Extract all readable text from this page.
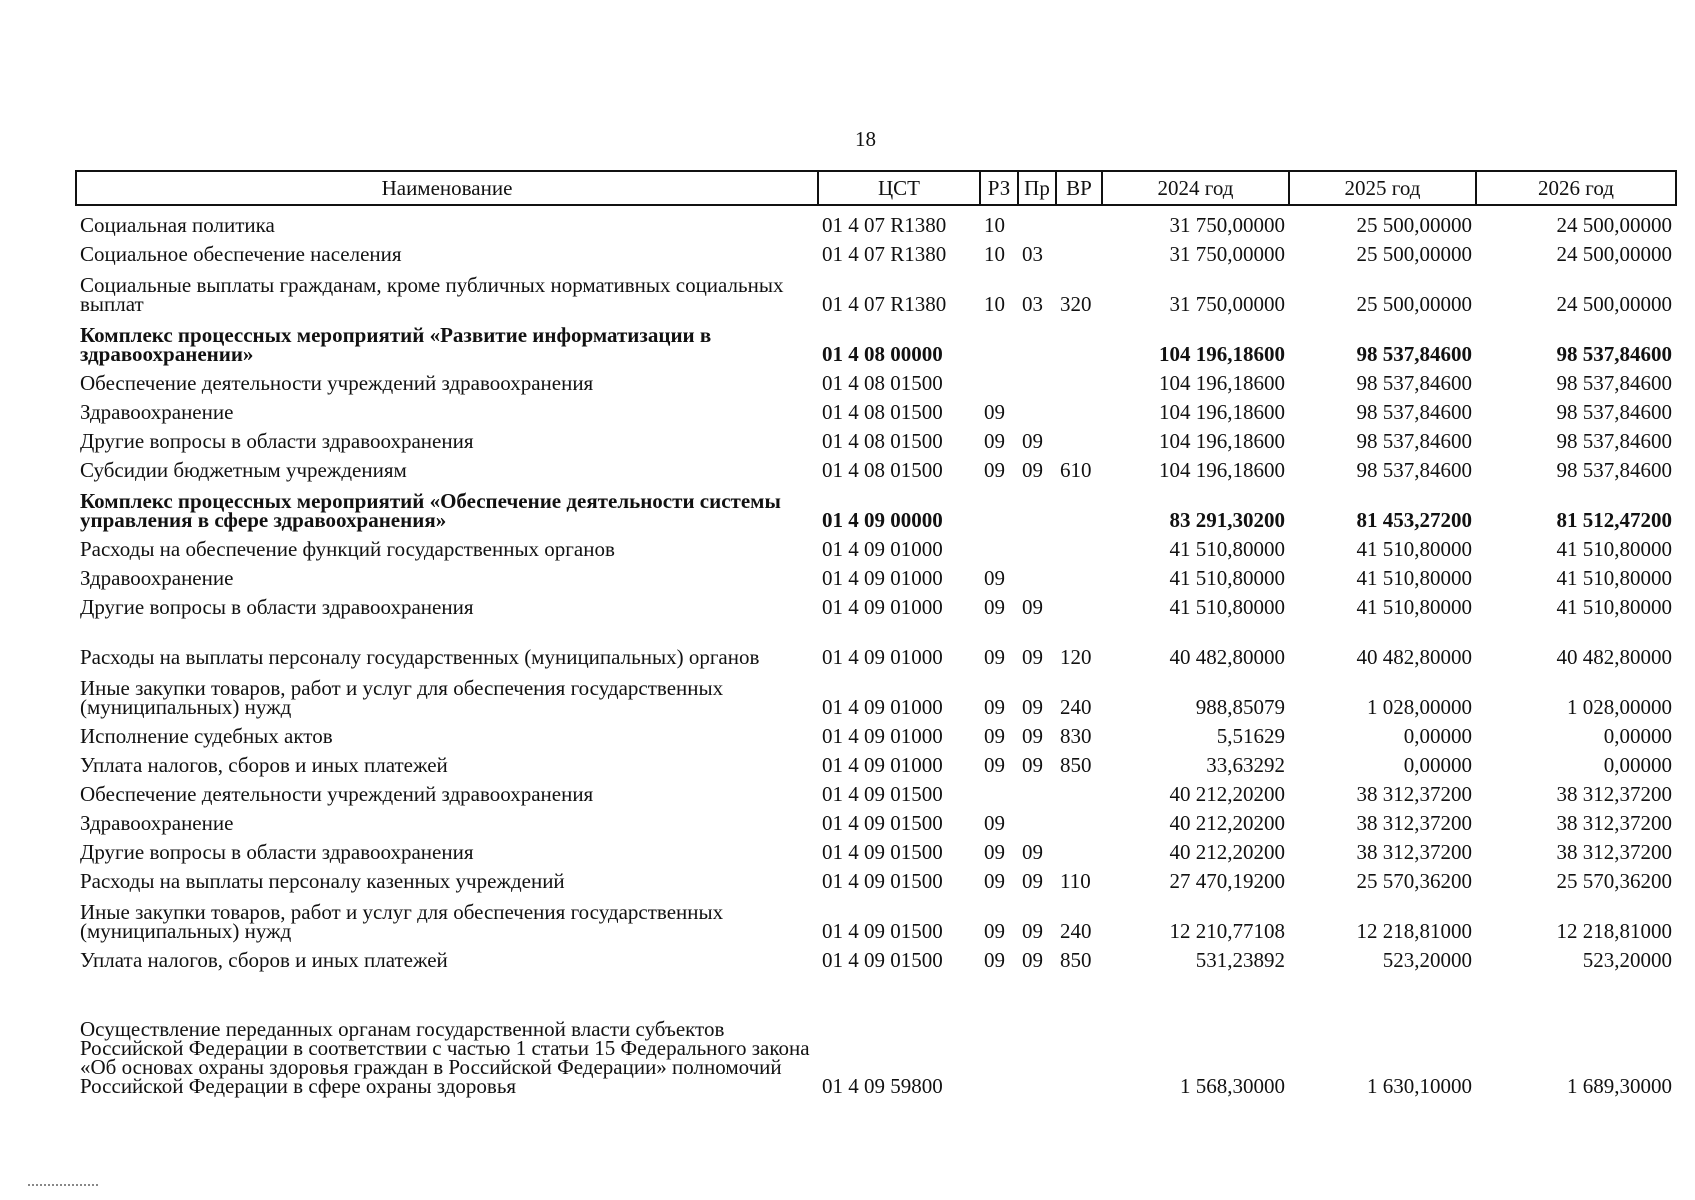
18
Наименование	ЦСТ	РЗ	Пр	ВР	2024 год	2025 год	2026 год
Социальная политика	01 4 07 R1380	10			31 750,00000	25 500,00000	24 500,00000
Социальное обеспечение населения	01 4 07 R1380	10	03		31 750,00000	25 500,00000	24 500,00000
Социальные выплаты гражданам, кроме публичных нормативных социальных выплат	01 4 07 R1380	10	03	320	31 750,00000	25 500,00000	24 500,00000
Комплекс процессных мероприятий «Развитие информатизации в здравоохранении»	01 4 08 00000				104 196,18600	98 537,84600	98 537,84600
Обеспечение деятельности учреждений здравоохранения	01 4 08 01500				104 196,18600	98 537,84600	98 537,84600
Здравоохранение	01 4 08 01500	09			104 196,18600	98 537,84600	98 537,84600
Другие вопросы в области здравоохранения	01 4 08 01500	09	09		104 196,18600	98 537,84600	98 537,84600
Субсидии бюджетным учреждениям	01 4 08 01500	09	09	610	104 196,18600	98 537,84600	98 537,84600
Комплекс процессных мероприятий «Обеспечение деятельности системы управления в сфере здравоохранения»	01 4 09 00000				83 291,30200	81 453,27200	81 512,47200
Расходы на обеспечение функций государственных органов	01 4 09 01000				41 510,80000	41 510,80000	41 510,80000
Здравоохранение	01 4 09 01000	09			41 510,80000	41 510,80000	41 510,80000
Другие вопросы в области здравоохранения	01 4 09 01000	09	09		41 510,80000	41 510,80000	41 510,80000
Расходы на выплаты персоналу государственных (муниципальных) органов	01 4 09 01000	09	09	120	40 482,80000	40 482,80000	40 482,80000
Иные закупки товаров, работ и услуг для обеспечения государственных (муниципальных) нужд	01 4 09 01000	09	09	240	988,85079	1 028,00000	1 028,00000
Исполнение судебных актов	01 4 09 01000	09	09	830	5,51629	0,00000	0,00000
Уплата налогов, сборов и иных платежей	01 4 09 01000	09	09	850	33,63292	0,00000	0,00000
Обеспечение деятельности учреждений здравоохранения	01 4 09 01500				40 212,20200	38 312,37200	38 312,37200
Здравоохранение	01 4 09 01500	09			40 212,20200	38 312,37200	38 312,37200
Другие вопросы в области здравоохранения	01 4 09 01500	09	09		40 212,20200	38 312,37200	38 312,37200
Расходы на выплаты персоналу казенных учреждений	01 4 09 01500	09	09	110	27 470,19200	25 570,36200	25 570,36200
Иные закупки товаров, работ и услуг для обеспечения государственных (муниципальных) нужд	01 4 09 01500	09	09	240	12 210,77108	12 218,81000	12 218,81000
Уплата налогов, сборов и иных платежей	01 4 09 01500	09	09	850	531,23892	523,20000	523,20000
Осуществление переданных органам государственной власти субъектов Российской Федерации в соответствии с частью 1 статьи 15 Федерального закона «Об основах охраны здоровья граждан в Российской Федерации» полномочий Российской Федерации в сфере охраны здоровья	01 4 09 59800				1 568,30000	1 630,10000	1 689,30000
